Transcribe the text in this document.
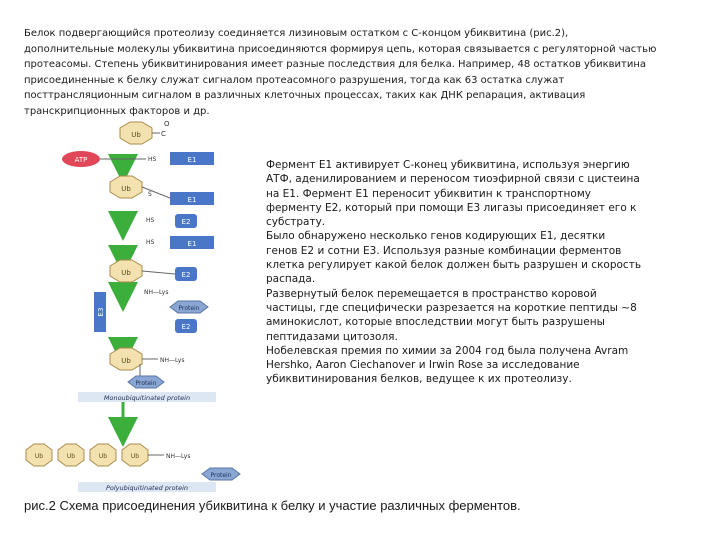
Белок подвергающийся протеолизу соединяется лизиновым остатком с С-концом убиквитина (рис.2),
дополнительные молекулы убиквитина присоединяются формируя цепь, которая связывается с регуляторной частью
протеасомы. Степень убиквитинирования имеет разные последствия для белка. Например, 48 остатков убиквитина
присоединенные к белку служат сигналом протеасомного разрушения, тогда как 63 остатка служат
посттрансляционным сигналом в различных клеточных процессах, таких как ДНК репарация, активация
транскрипционных факторов и др.
Ub	C
O
ATP	HS	E1
Ub
S
E1
HS	E2
HS	E1
Ub	E2
NH—Lys
E3	Protein
E2
Ub	NH—Lys
Protein
Monoubiquitinated protein
Ub	Ub	Ub	Ub	NH—Lys
Protein
Polyubiquitinated protein
Фермент E1 активирует С-конец убиквитина, используя энергию
АТФ, аденилированием и переносом тиоэфирной связи с цистеина
на Е1. Фермент Е1 переносит убиквитин к транспортному
ферменту Е2, который при помощи Е3 лигазы присоединяет его к
субстрату.
Было обнаружено несколько генов кодирующих Е1, десятки
генов Е2 и сотни Е3. Используя разные комбинации ферментов
клетка регулирует какой белок должен быть разрушен и скорость
распада.
Развернутый белок перемещается в пространство коровой
частицы, где специфически разрезается на короткие пептиды ~8
аминокислот, которые впоследствии могут быть разрушены
пептидазами цитозоля.
Нобелевская премия по химии за 2004 год была получена Avram
Hershko, Aaron Ciechanover и Irwin Rose за исследование
убиквитинирования белков, ведущее к их протеолизу.

рис.2 Схема присоединения убиквитина к белку и участие различных ферментов.
